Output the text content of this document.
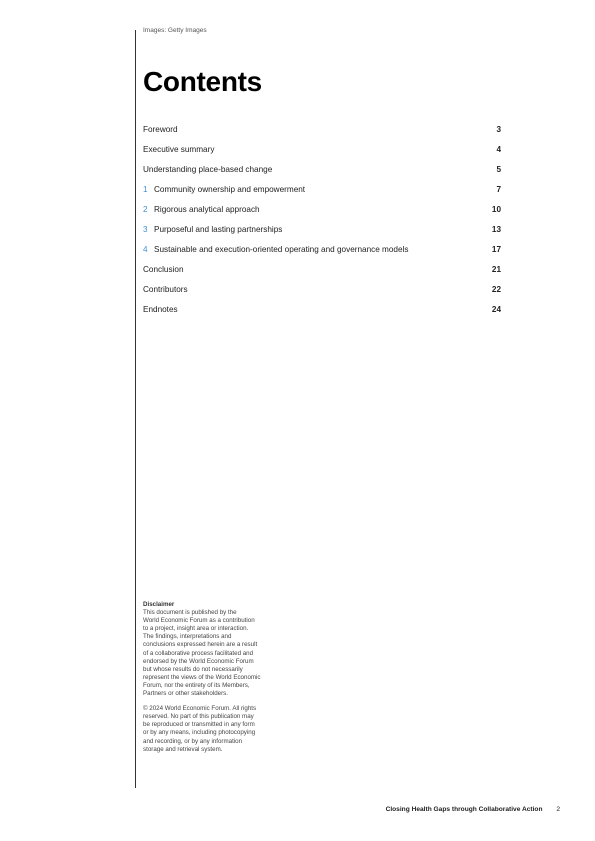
Images: Getty Images
Contents
Foreword	3
Executive summary	4
Understanding place-based change	5
1 Community ownership and empowerment	7
2 Rigorous analytical approach	10
3 Purposeful and lasting partnerships	13
4 Sustainable and execution-oriented operating and governance models	17
Conclusion	21
Contributors	22
Endnotes	24

Disclaimer

This document is published by the

World Economic Forum as a contribution

to a project, insight area or interaction.

The findings, interpretations and

conclusions expressed herein are a result

of a collaborative process facilitated and

endorsed by the World Economic Forum

but whose results do not necessarily

represent the views of the World Economic

Forum, nor the entirety of its Members,

Partners or other stakeholders.

© 2024 World Economic Forum. All rights

reserved. No part of this publication may

be reproduced or transmitted in any form

or by any means, including photocopying

and recording, or by any information

storage and retrieval system.

Closing Health Gaps through Collaborative Action 2
